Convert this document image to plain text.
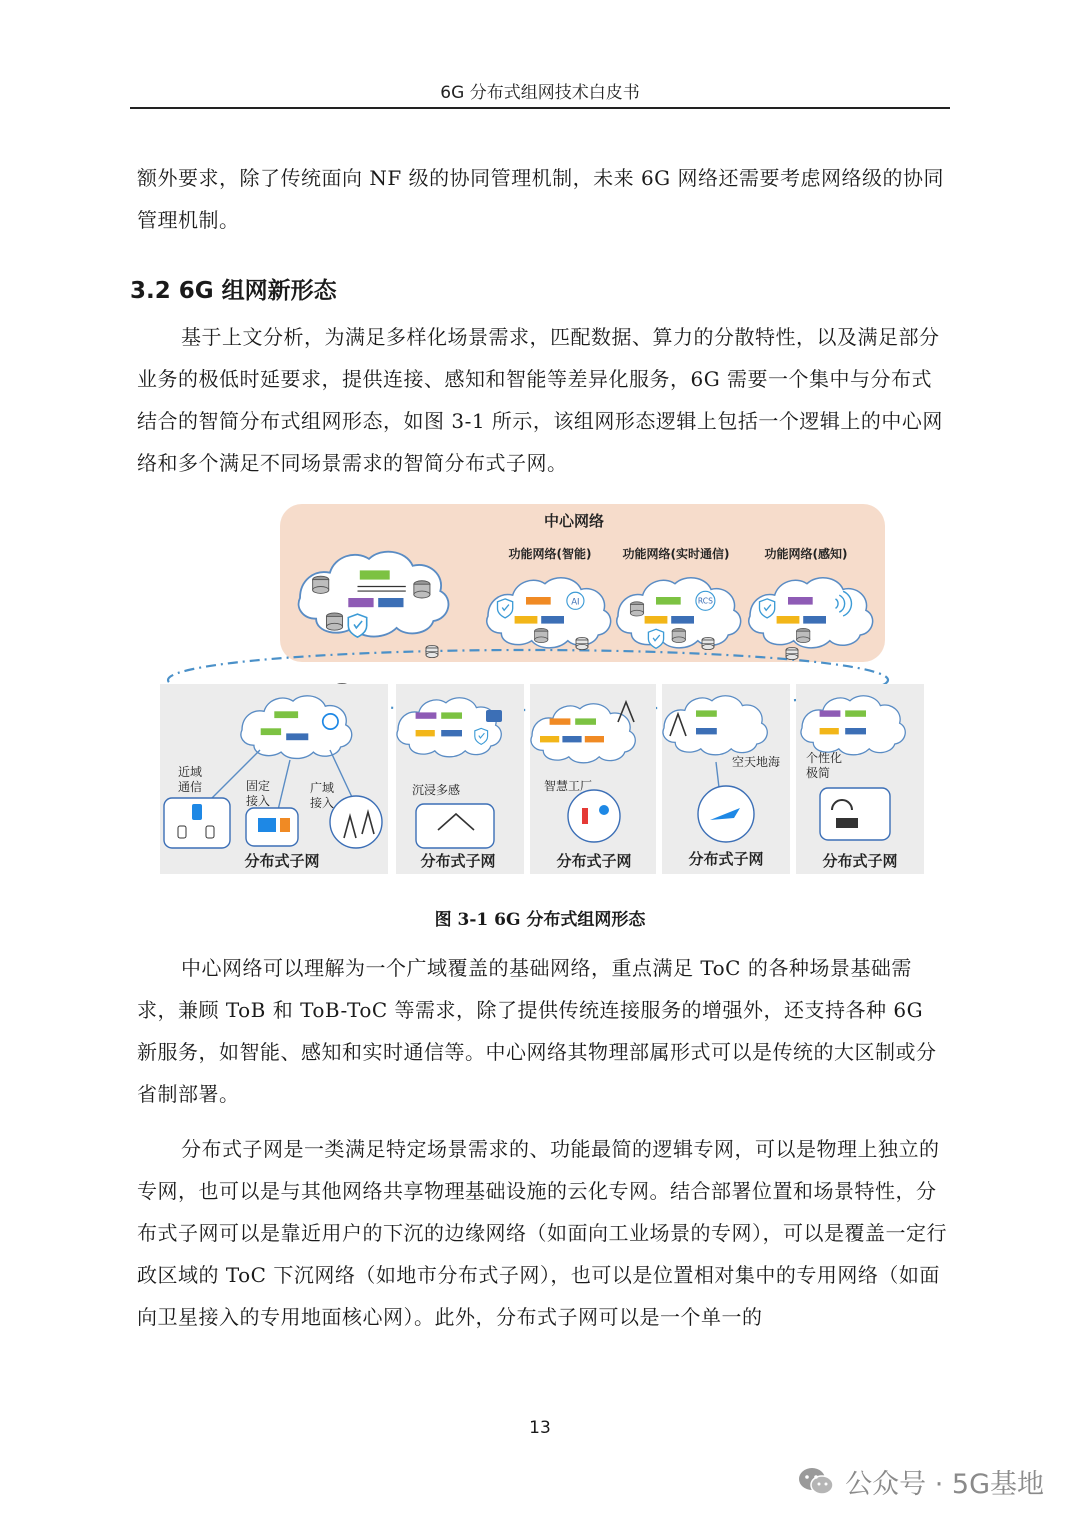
6G 分布式组网技术白皮书

额外要求，除了传统面向 NF 级的协同管理机制，未来 6G 网络还需要考虑网络级的协同管理机制。

3.2 6G 组网新形态

基于上文分析，为满足多样化场景需求，匹配数据、算力的分散特性，以及满足部分业务的极低时延要求，提供连接、感知和智能等差异化服务，6G 需要一个集中与分布式结合的智简分布式组网形态，如图 3-1 所示，该组网形态逻辑上包括一个逻辑上的中心网络和多个满足不同场景需求的智简分布式子网。

中心网络
功能网络(智能)	功能网络(实时通信)	功能网络(感知)
AI	RCS
近域通信	固定接入
广域接入
分布式子网
沉浸多感
分布式子网
智慧工厂
分布式子网
空天地海
分布式子网
个性化极简
分布式子网
图 3-1 6G 分布式组网形态

中心网络可以理解为一个广域覆盖的基础网络，重点满足 ToC 的各种场景基础需求，兼顾 ToB 和 ToB-ToC 等需求，除了提供传统连接服务的增强外，还支持各种 6G 新服务，如智能、感知和实时通信等。中心网络其物理部属形式可以是传统的大区制或分省制部署。

分布式子网是一类满足特定场景需求的、功能最简的逻辑专网，可以是物理上独立的专网，也可以是与其他网络共享物理基础设施的云化专网。结合部署位置和场景特性，分布式子网可以是靠近用户的下沉的边缘网络（如面向工业场景的专网），可以是覆盖一定行政区域的 ToC 下沉网络（如地市分布式子网），也可以是位置相对集中的专用网络（如面向卫星接入的专用地面核心网）。此外，分布式子网可以是一个单一的

13
公众号 · 5G基地
